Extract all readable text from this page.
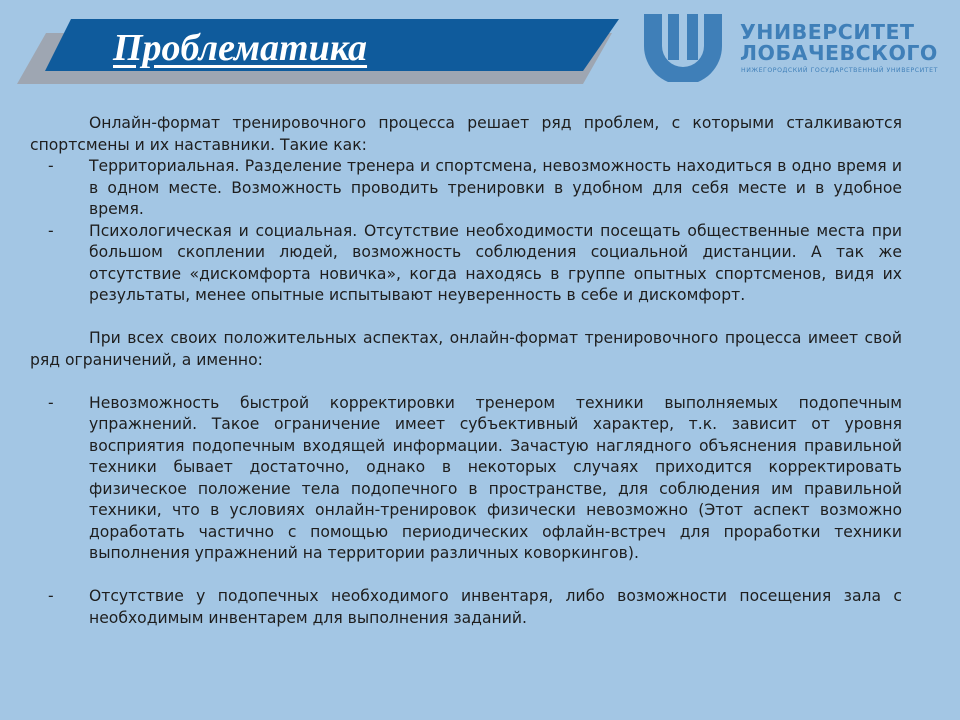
Проблематика	УНИВЕРСИТЕТ
ЛОБАЧЕВСКОГО
НИЖЕГОРОДСКИЙ ГОСУДАРСТВЕННЫЙ УНИВЕРСИТЕТ

Онлайн-формат тренировочного процесса решает ряд проблем, с которыми сталкиваются спортсмены и их наставники. Такие как:

- Территориальная. Разделение тренера и спортсмена, невозможность находиться в одно время и в одном месте. Возможность проводить тренировки в удобном для себя месте и в удобное время.
- Психологическая и социальная. Отсутствие необходимости посещать общественные места при большом скоплении людей, возможность соблюдения социальной дистанции. А так же отсутствие «дискомфорта новичка», когда находясь в группе опытных спортсменов, видя их результаты, менее опытные испытывают неуверенность в себе и дискомфорт.

При всех своих положительных аспектах, онлайн-формат тренировочного процесса имеет свой ряд ограничений, а именно:

- Невозможность быстрой корректировки тренером техники выполняемых подопечным упражнений. Такое ограничение имеет субъективный характер, т.к. зависит от уровня восприятия подопечным входящей информации. Зачастую наглядного объяснения правильной техники бывает достаточно, однако в некоторых случаях приходится корректировать физическое положение тела подопечного в пространстве, для соблюдения им правильной техники, что в условиях онлайн-тренировок физически невозможно (Этот аспект возможно доработать частично с помощью периодических офлайн-встреч для проработки техники выполнения упражнений на территории различных коворкингов).
- Отсутствие у подопечных необходимого инвентаря, либо возможности посещения зала с необходимым инвентарем для выполнения заданий.
